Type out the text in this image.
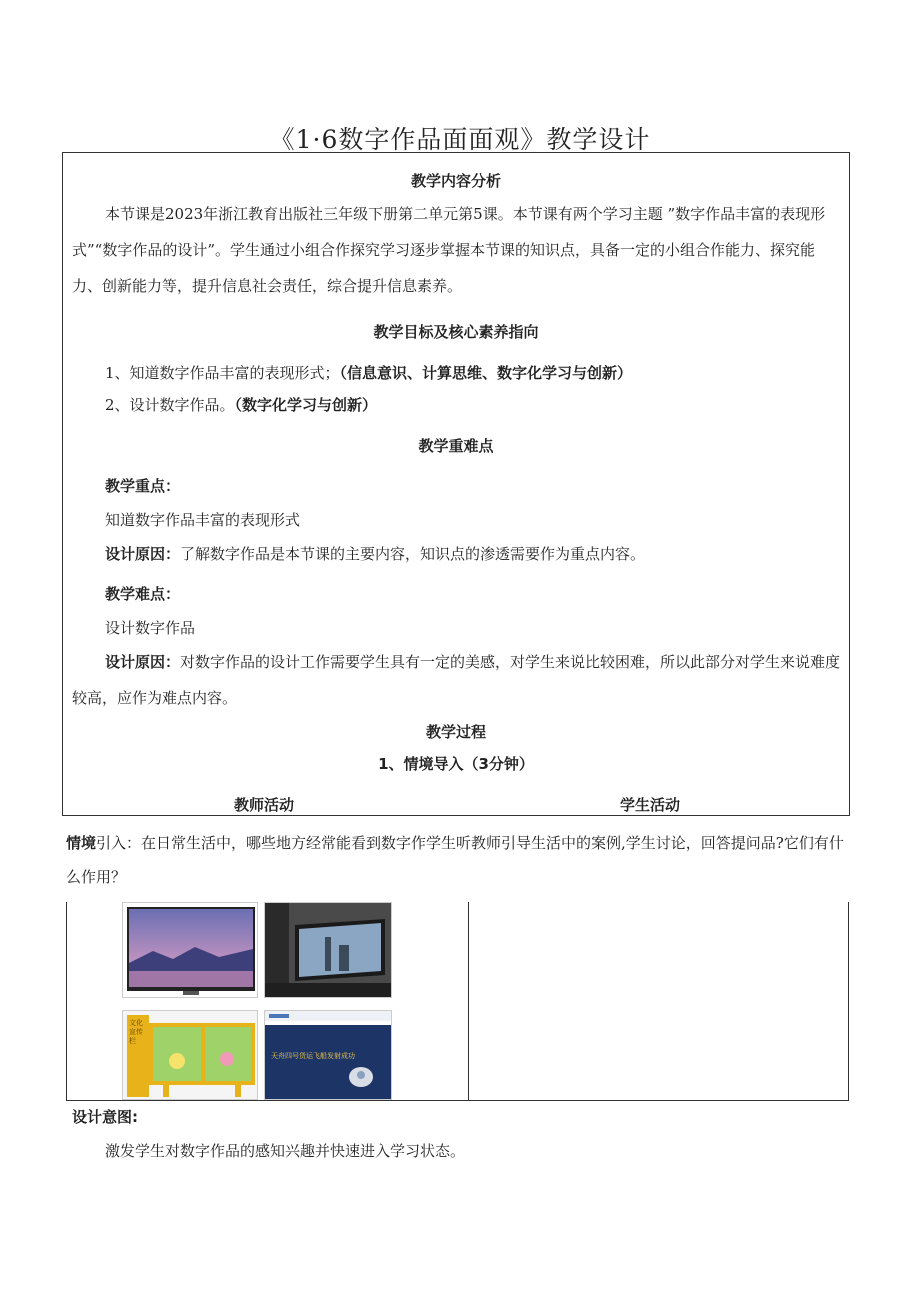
《1·6数字作品面面观》教学设计
教学内容分析
本节课是2023年浙江教育出版社三年级下册第二单元第5课。本节课有两个学习主题 ”数字作品丰富的表现形式”“数字作品的设计”。学生通过小组合作探究学习逐步掌握本节课的知识点，具备一定的小组合作能力、探究能力、创新能力等，提升信息社会责任，综合提升信息素养。
教学目标及核心素养指向
1、知道数字作品丰富的表现形式；（信息意识、计算思维、数字化学习与创新）
2、设计数字作品。（数字化学习与创新）
教学重难点
教学重点：
知道数字作品丰富的表现形式
设计原因：了解数字作品是本节课的主要内容，知识点的渗透需要作为重点内容。
教学难点：
设计数字作品
设计原因：对数字作品的设计工作需要学生具有一定的美感，对学生来说比较困难，所以此部分对学生来说难度较高，应作为难点内容。
教学过程
1、情境导入（3分钟）
教师活动	学生活动
情境引入：在日常生活中，哪些地方经常能看到数字作学生听教师引导生活中的案例,学生讨论，回答提问品?它们有什么作用？
文化宣传栏
天舟四号货运飞船发射成功
设计意图:
激发学生对数字作品的感知兴趣并快速进入学习状态。
